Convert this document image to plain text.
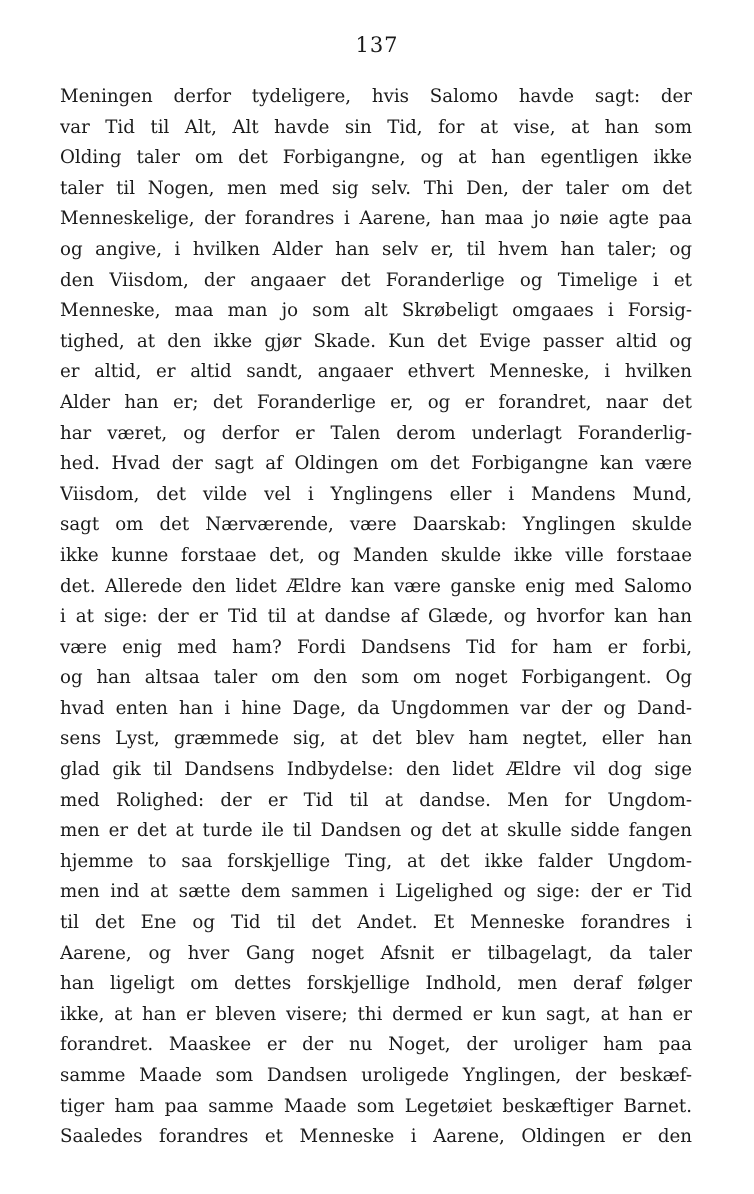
137
Meningen derfor tydeligere, hvis Salomo havde sagt: der
var Tid til Alt, Alt havde sin Tid, for at vise, at han som
Olding taler om det Forbigangne, og at han egentligen ikke
taler til Nogen, men med sig selv. Thi Den, der taler om det
Menneskelige, der forandres i Aarene, han maa jo nøie agte paa
og angive, i hvilken Alder han selv er, til hvem han taler; og
den Viisdom, der angaaer det Foranderlige og Timelige i et
Menneske, maa man jo som alt Skrøbeligt omgaaes i Forsig-
tighed, at den ikke gjør Skade. Kun det Evige passer altid og
er altid, er altid sandt, angaaer ethvert Menneske, i hvilken
Alder han er; det Foranderlige er, og er forandret, naar det
har været, og derfor er Talen derom underlagt Foranderlig-
hed. Hvad der sagt af Oldingen om det Forbigangne kan være
Viisdom, det vilde vel i Ynglingens eller i Mandens Mund,
sagt om det Nærværende, være Daarskab: Ynglingen skulde
ikke kunne forstaae det, og Manden skulde ikke ville forstaae
det. Allerede den lidet Ældre kan være ganske enig med Salomo
i at sige: der er Tid til at dandse af Glæde, og hvorfor kan han
være enig med ham? Fordi Dandsens Tid for ham er forbi,
og han altsaa taler om den som om noget Forbigangent. Og
hvad enten han i hine Dage, da Ungdommen var der og Dand-
sens Lyst, græmmede sig, at det blev ham negtet, eller han
glad gik til Dandsens Indbydelse: den lidet Ældre vil dog sige
med Rolighed: der er Tid til at dandse. Men for Ungdom-
men er det at turde ile til Dandsen og det at skulle sidde fangen
hjemme to saa forskjellige Ting, at det ikke falder Ungdom-
men ind at sætte dem sammen i Ligelighed og sige: der er Tid
til det Ene og Tid til det Andet. Et Menneske forandres i
Aarene, og hver Gang noget Afsnit er tilbagelagt, da taler
han ligeligt om dettes forskjellige Indhold, men deraf følger
ikke, at han er bleven visere; thi dermed er kun sagt, at han er
forandret. Maaskee er der nu Noget, der uroliger ham paa
samme Maade som Dandsen uroligede Ynglingen, der beskæf-
tiger ham paa samme Maade som Legetøiet beskæftiger Barnet.
Saaledes forandres et Menneske i Aarene, Oldingen er den
